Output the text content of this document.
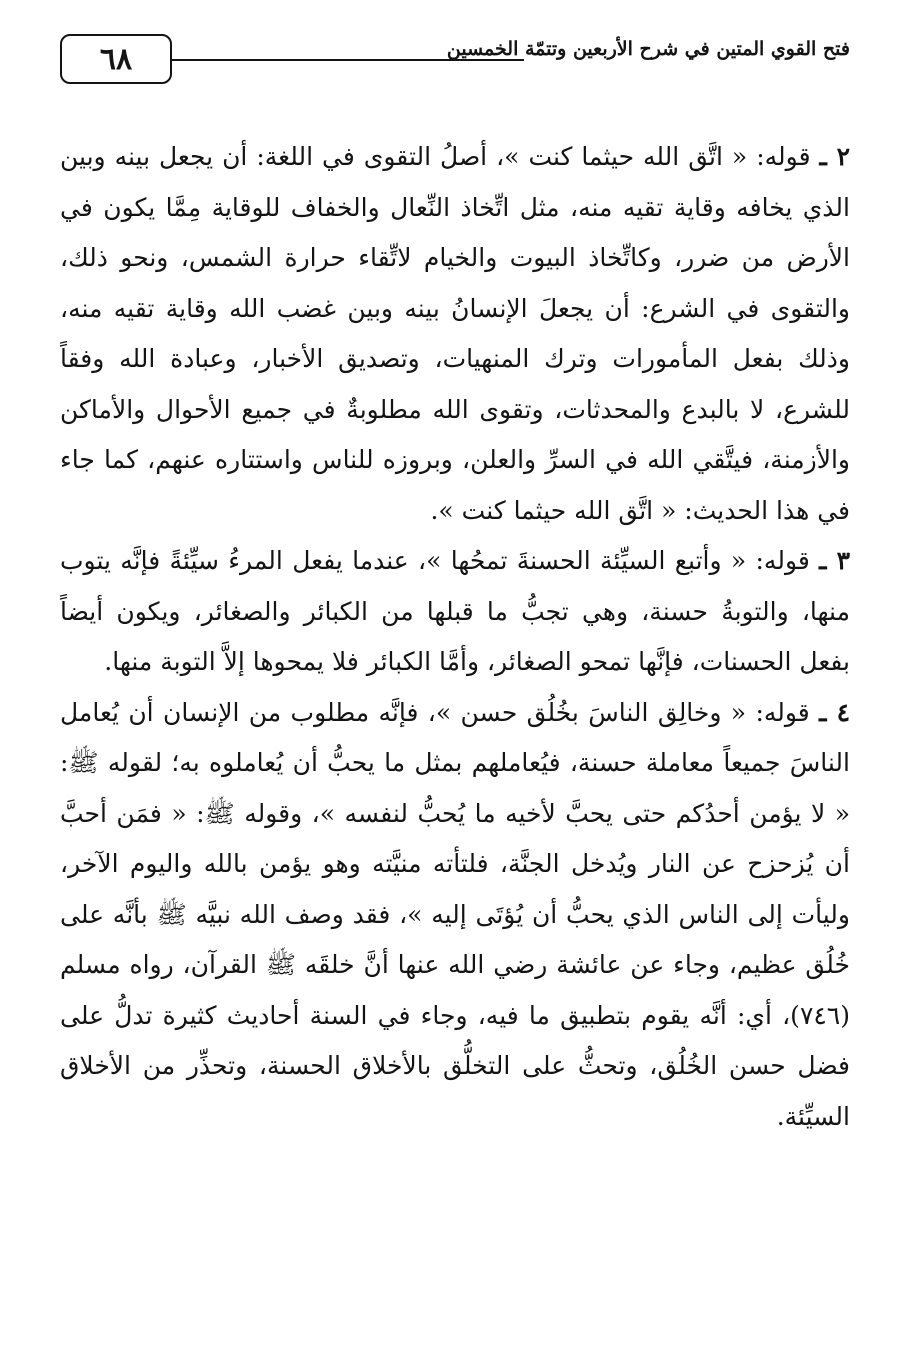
٦٨	فتح القوي المتين في شرح الأربعين وتتمّة الخمسين

٢ ـ قوله: « اتَّق الله حيثما كنت »، أصلُ التقوى في اللغة: أن يجعل بينه وبين الذي يخافه وقاية تقيه منه، مثل اتِّخاذ النِّعال والخفاف للوقاية مِمَّا يكون في الأرض من ضرر، وكاتِّخاذ البيوت والخيام لاتِّقاء حرارة الشمس، ونحو ذلك، والتقوى في الشرع: أن يجعلَ الإنسانُ بينه وبين غضب الله وقاية تقيه منه، وذلك بفعل المأمورات وترك المنهيات، وتصديق الأخبار، وعبادة الله وفقاً للشرع، لا بالبدع والمحدثات، وتقوى الله مطلوبةٌ في جميع الأحوال والأماكن والأزمنة، فيتَّقي الله في السرِّ والعلن، وبروزه للناس واستتاره عنهم، كما جاء في هذا الحديث: « اتَّق الله حيثما كنت ».

٣ ـ قوله: « وأتبع السيِّئة الحسنةَ تمحُها »، عندما يفعل المرءُ سيِّئةً فإنَّه يتوب منها، والتوبةُ حسنة، وهي تجبُّ ما قبلها من الكبائر والصغائر، ويكون أيضاً بفعل الحسنات، فإنَّها تمحو الصغائر، وأمَّا الكبائر فلا يمحوها إلاَّ التوبة منها.

٤ ـ قوله: « وخالِق الناسَ بخُلُق حسن »، فإنَّه مطلوب من الإنسان أن يُعامل الناسَ جميعاً معاملة حسنة، فيُعاملهم بمثل ما يحبُّ أن يُعاملوه به؛ لقوله ﷺ: « لا يؤمن أحدُكم حتى يحبَّ لأخيه ما يُحبُّ لنفسه »، وقوله ﷺ: « فمَن أحبَّ أن يُزحزح عن النار ويُدخل الجنَّة، فلتأته منيَّته وهو يؤمن بالله واليوم الآخر، وليأت إلى الناس الذي يحبُّ أن يُؤتَى إليه »، فقد وصف الله نبيَّه ﷺ بأنَّه على خُلُق عظيم، وجاء عن عائشة رضي الله عنها أنَّ خلقَه ﷺ القرآن، رواه مسلم (٧٤٦)، أي: أنَّه يقوم بتطبيق ما فيه، وجاء في السنة أحاديث كثيرة تدلُّ على فضل حسن الخُلُق، وتحثُّ على التخلُّق بالأخلاق الحسنة، وتحذِّر من الأخلاق السيِّئة.
